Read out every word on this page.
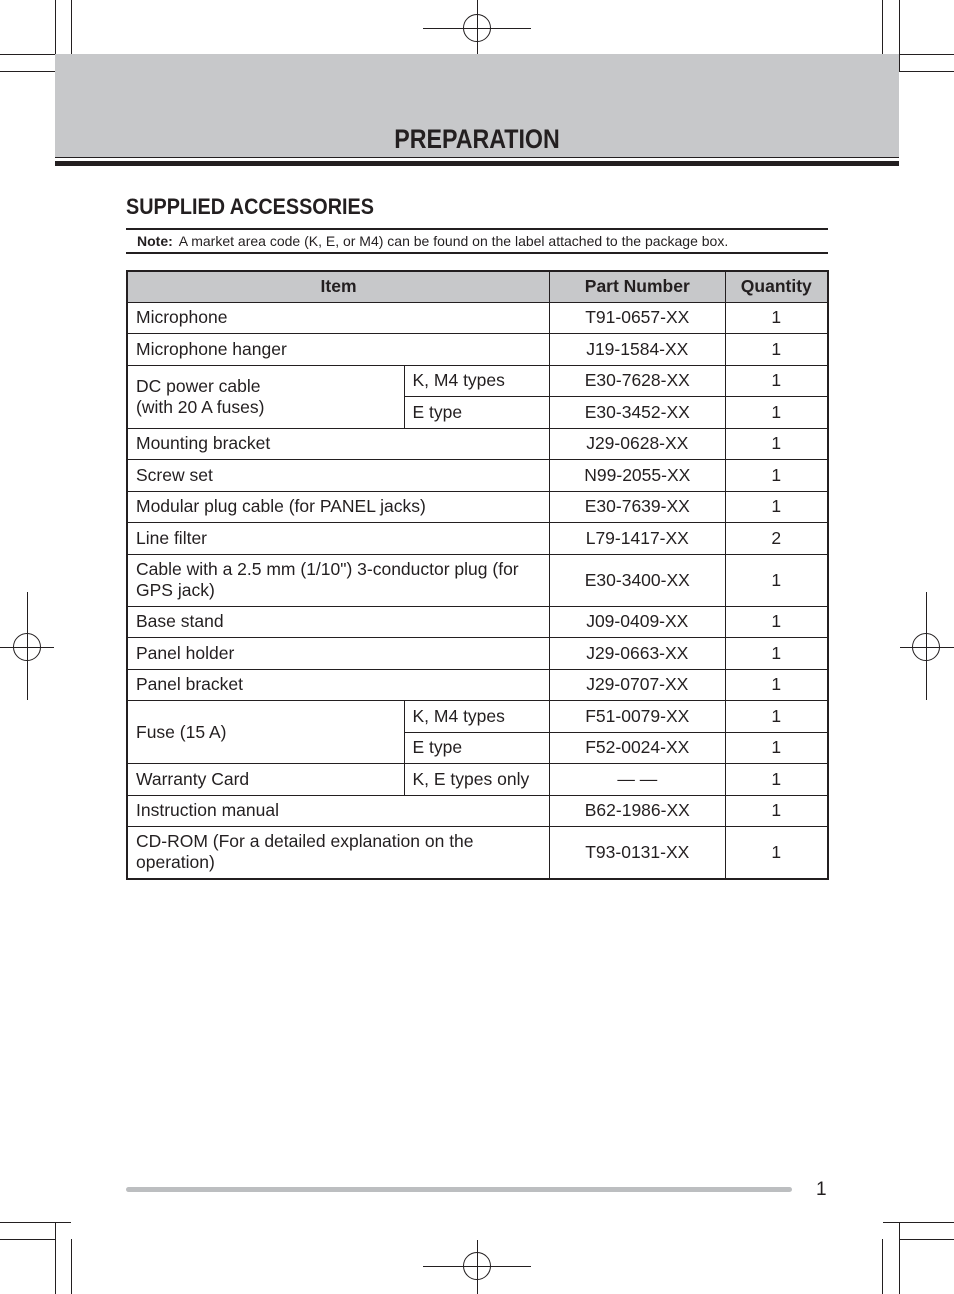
PREPARATION
SUPPLIED ACCESSORIES
Note: A market area code (K, E, or M4) can be found on the label attached to the package box.
Item		Part Number	Quantity
Microphone		T91-0657-XX	1
Microphone hanger		J19-1584-XX	1
DC power cable
(with 20 A fuses)	K, M4 types	E30-7628-XX	1
	E type	E30-3452-XX	1
Mounting bracket		J29-0628-XX	1
Screw set		N99-2055-XX	1
Modular plug cable (for PANEL jacks)		E30-7639-XX	1
Line filter		L79-1417-XX	2
Cable with a 2.5 mm (1/10") 3-conductor plug (for
GPS jack)		E30-3400-XX	1
Base stand		J09-0409-XX	1
Panel holder		J29-0663-XX	1
Panel bracket		J29-0707-XX	1
Fuse (15 A)	K, M4 types	F51-0079-XX	1
	E type	F52-0024-XX	1
Warranty Card	K, E types only	— —	1
Instruction manual		B62-1986-XX	1
CD-ROM (For a detailed explanation on the
operation)		T93-0131-XX	1
1
